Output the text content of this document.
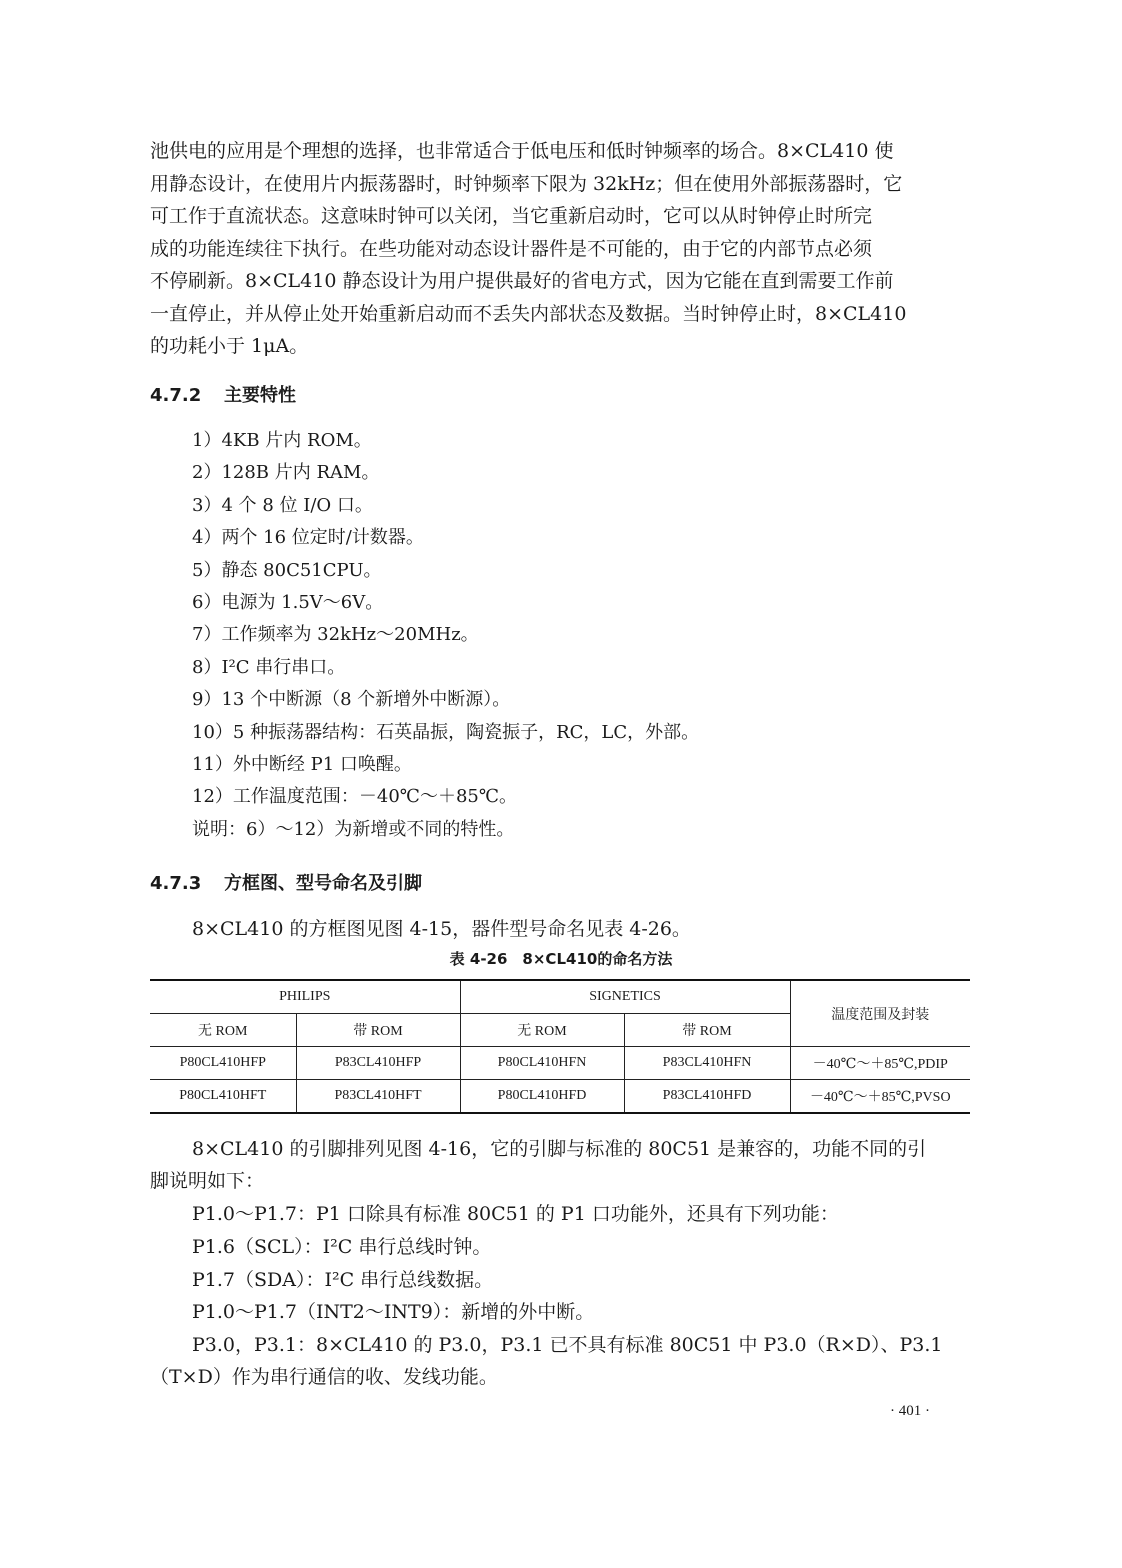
池供电的应用是个理想的选择，也非常适合于低电压和低时钟频率的场合。8×CL410 使
用静态设计，在使用片内振荡器时，时钟频率下限为 32kHz；但在使用外部振荡器时，它
可工作于直流状态。这意味时钟可以关闭，当它重新启动时，它可以从时钟停止时所完
成的功能连续往下执行。在些功能对动态设计器件是不可能的，由于它的内部节点必须
不停刷新。8×CL410 静态设计为用户提供最好的省电方式，因为它能在直到需要工作前
一直停止，并从停止处开始重新启动而不丢失内部状态及数据。当时钟停止时，8×CL410
的功耗小于 1μA。
4.7.2 主要特性
1）4KB 片内 ROM。
2）128B 片内 RAM。
3）4 个 8 位 I/O 口。
4）两个 16 位定时/计数器。
5）静态 80C51CPU。
6）电源为 1.5V～6V。
7）工作频率为 32kHz～20MHz。
8）I²C 串行串口。
9）13 个中断源（8 个新增外中断源）。
10）5 种振荡器结构：石英晶振，陶瓷振子，RC，LC，外部。
11）外中断经 P1 口唤醒。
12）工作温度范围：－40℃～＋85℃。
说明：6）～12）为新增或不同的特性。
4.7.3 方框图、型号命名及引脚

8×CL410 的方框图见图 4-15，器件型号命名见表 4-26。

表 4-26　8×CL410的命名方法
PHILIPS		SIGNETICS		温度范围及封装
无 ROM	带 ROM	无 ROM	带 ROM	
P80CL410HFP	P83CL410HFP	P80CL410HFN	P83CL410HFN	－40℃～＋85℃,PDIP
P80CL410HFT	P83CL410HFT	P80CL410HFD	P83CL410HFD	－40℃～＋85℃,PVSO

8×CL410 的引脚排列见图 4-16，它的引脚与标准的 80C51 是兼容的，功能不同的引

脚说明如下：

P1.0～P1.7：P1 口除具有标准 80C51 的 P1 口功能外，还具有下列功能：

P1.6（SCL）：I²C 串行总线时钟。

P1.7（SDA）：I²C 串行总线数据。

P1.0～P1.7（INT2～INT9）：新增的外中断。

P3.0，P3.1：8×CL410 的 P3.0，P3.1 已不具有标准 80C51 中 P3.0（R×D）、P3.1

（T×D）作为串行通信的收、发线功能。

· 401 ·
